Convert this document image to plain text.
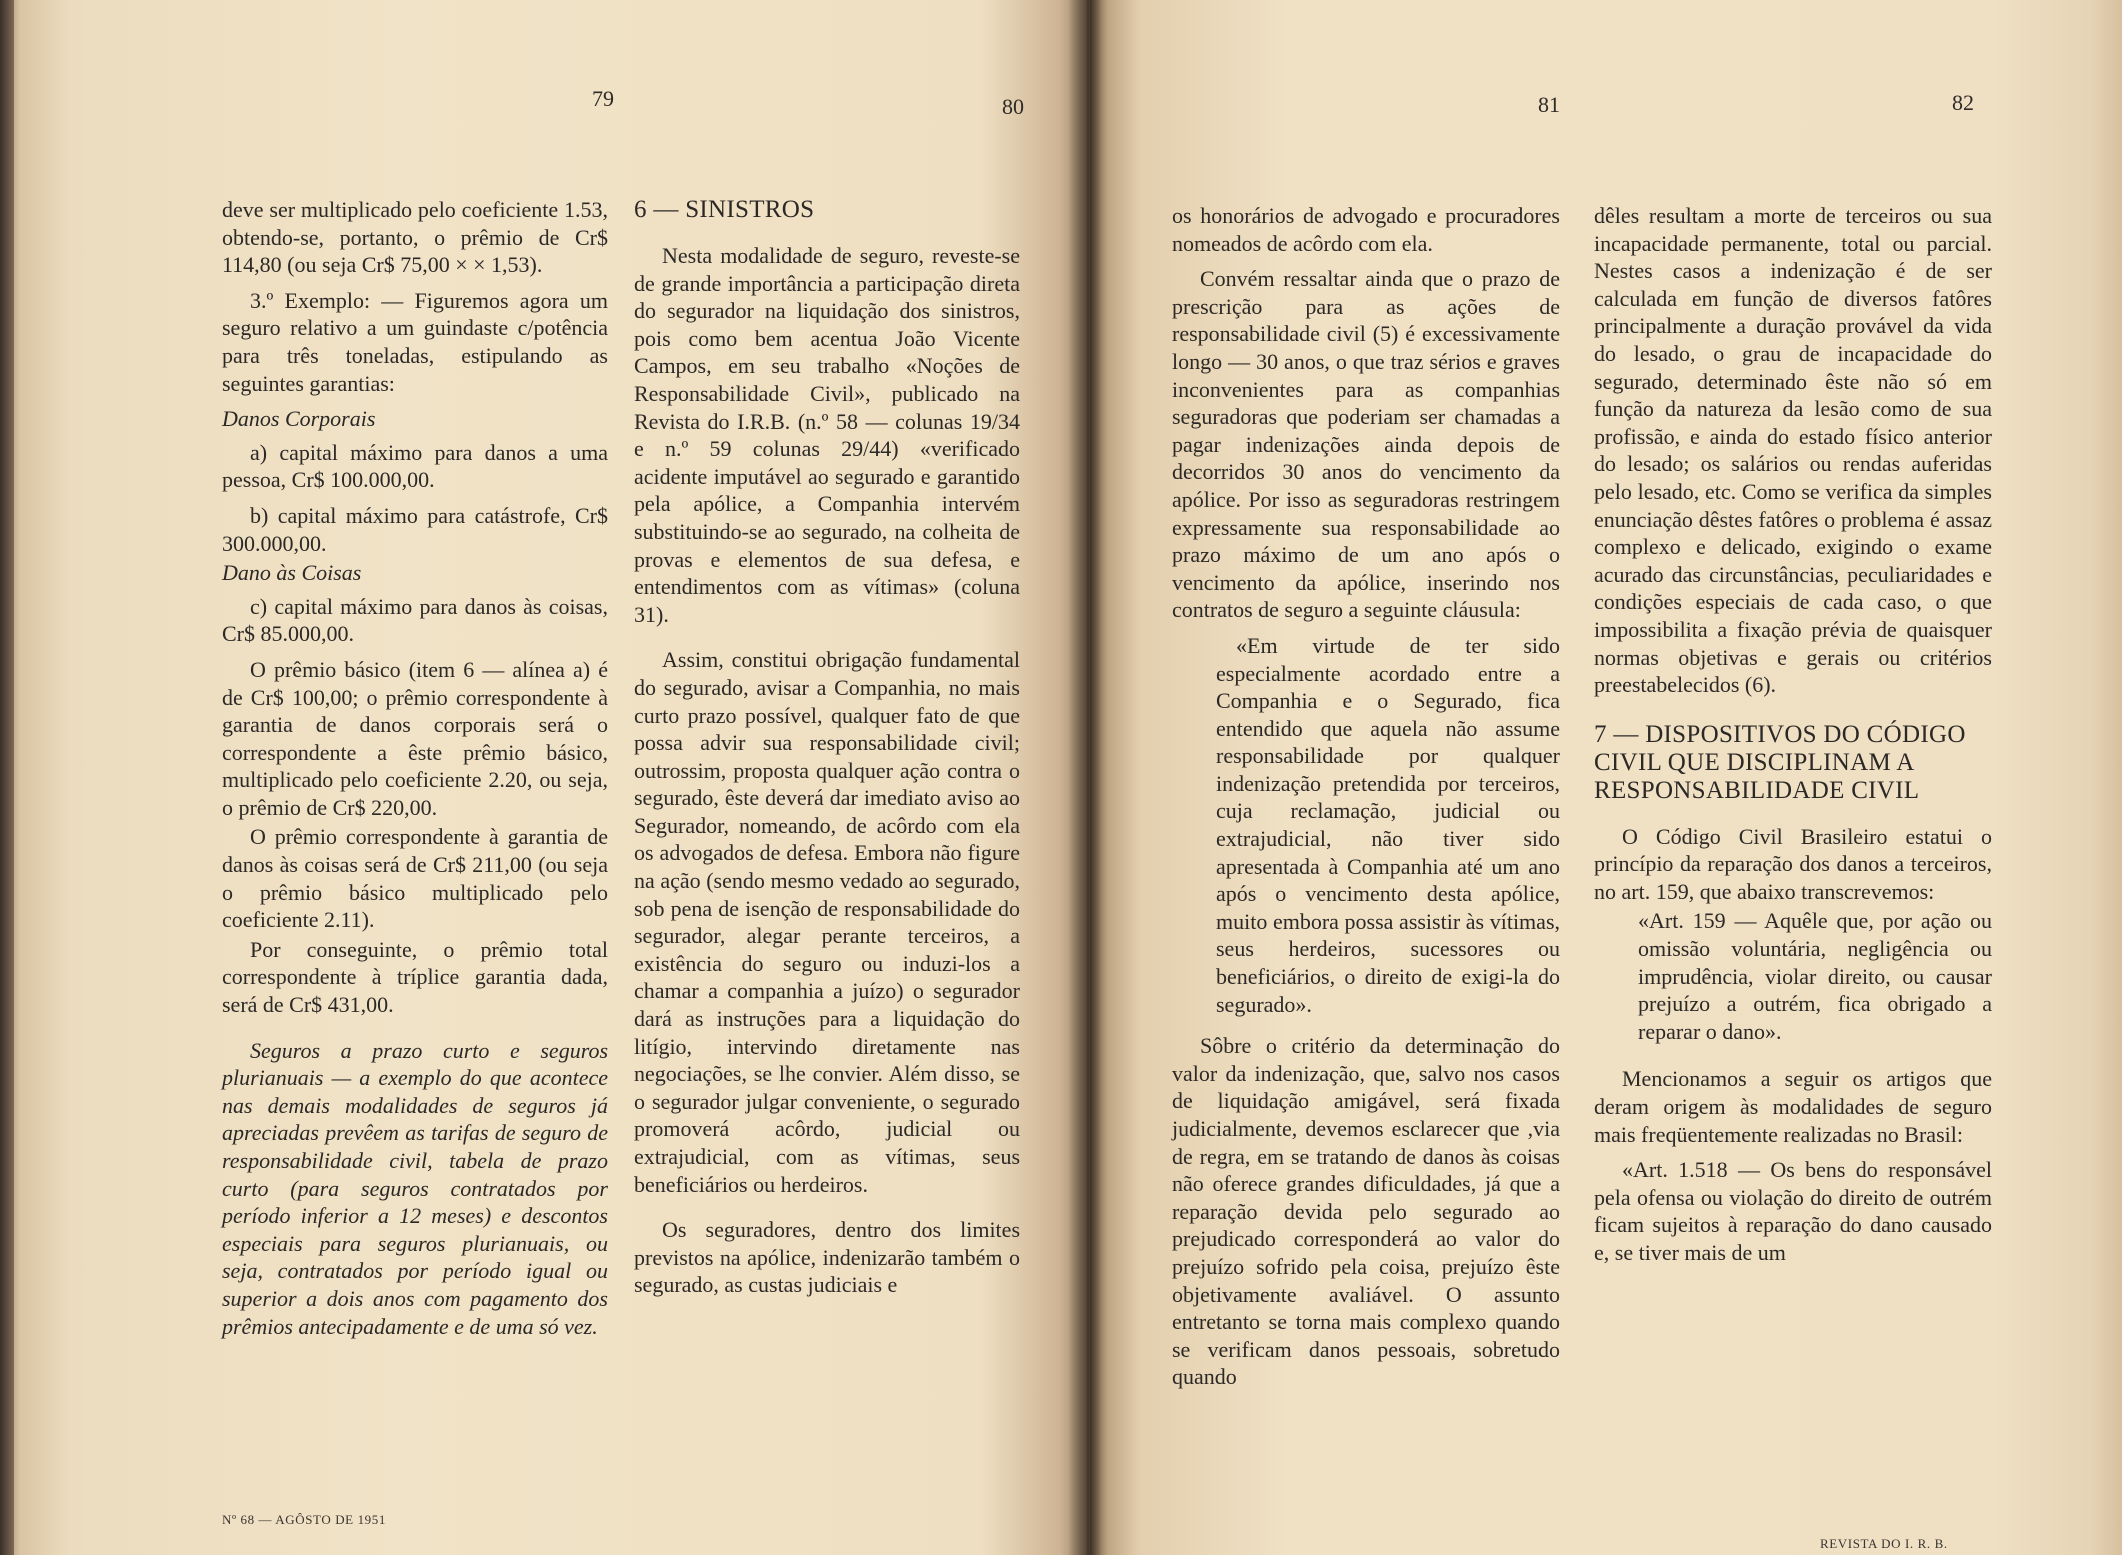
79	80

deve ser multiplicado pelo coeficiente 1.53, obtendo-se, portanto, o prêmio de Cr$ 114,80 (ou seja Cr$ 75,00 × × 1,53).

3.º Exemplo: — Figuremos agora um seguro relativo a um guindaste c/potência para três toneladas, estipulando as seguintes garantias:

Danos Corporais

a) capital máximo para danos a uma pessoa, Cr$ 100.000,00.

b) capital máximo para catástrofe, Cr$ 300.000,00.

Dano às Coisas

c) capital máximo para danos às coisas, Cr$ 85.000,00.

O prêmio básico (item 6 — alínea a) é de Cr$ 100,00; o prêmio correspondente à garantia de danos corporais será o correspondente a êste prêmio básico, multiplicado pelo coeficiente 2.20, ou seja, o prêmio de Cr$ 220,00.

O prêmio correspondente à garantia de danos às coisas será de Cr$ 211,00 (ou seja o prêmio básico multiplicado pelo coeficiente 2.11).

Por conseguinte, o prêmio total correspondente à tríplice garantia dada, será de Cr$ 431,00.

Seguros a prazo curto e seguros plurianuais — a exemplo do que acontece nas demais modalidades de seguros já apreciadas prevêem as tarifas de seguro de responsabilidade civil, tabela de prazo curto (para seguros contratados por período inferior a 12 meses) e descontos especiais para seguros plurianuais, ou seja, contratados por período igual ou superior a dois anos com pagamento dos prêmios antecipadamente e de uma só vez.

6 — SINISTROS

Nesta modalidade de seguro, reveste-se de grande importância a participação direta do segurador na liquidação dos sinistros, pois como bem acentua João Vicente Campos, em seu trabalho «Noções de Responsabilidade Civil», publicado na Revista do I.R.B. (n.º 58 — colunas 19/34 e n.º 59 colunas 29/44) «verificado acidente imputável ao segurado e garantido pela apólice, a Companhia intervém substituindo-se ao segurado, na colheita de provas e elementos de sua defesa, e entendimentos com as vítimas» (coluna 31).

Assim, constitui obrigação fundamental do segurado, avisar a Companhia, no mais curto prazo possível, qualquer fato de que possa advir sua responsabilidade civil; outrossim, proposta qualquer ação contra o segurado, êste deverá dar imediato aviso ao Segurador, nomeando, de acôrdo com ela os advogados de defesa. Embora não figure na ação (sendo mesmo vedado ao segurado, sob pena de isenção de responsabilidade do segurador, alegar perante terceiros, a existência do seguro ou induzi-los a chamar a companhia a juízo) o segurador dará as instruções para a liquidação do litígio, intervindo diretamente nas negociações, se lhe convier. Além disso, se o segurador julgar conveniente, o segurado promoverá acôrdo, judicial ou extrajudicial, com as vítimas, seus beneficiários ou herdeiros.

Os seguradores, dentro dos limites previstos na apólice, indenizarão também o segurado, as custas judiciais e

Nº 68 — AGÔSTO DE 1951
81	82

os honorários de advogado e procuradores nomeados de acôrdo com ela.

Convém ressaltar ainda que o prazo de prescrição para as ações de responsabilidade civil (5) é excessivamente longo — 30 anos, o que traz sérios e graves inconvenientes para as companhias seguradoras que poderiam ser chamadas a pagar indenizações ainda depois de decorridos 30 anos do vencimento da apólice. Por isso as seguradoras restringem expressamente sua responsabilidade ao prazo máximo de um ano após o vencimento da apólice, inserindo nos contratos de seguro a seguinte cláusula:

«Em virtude de ter sido especialmente acordado entre a Companhia e o Segurado, fica entendido que aquela não assume responsabilidade por qualquer indenização pretendida por terceiros, cuja reclamação, judicial ou extrajudicial, não tiver sido apresentada à Companhia até um ano após o vencimento desta apólice, muito embora possa assistir às vítimas, seus herdeiros, sucessores ou beneficiários, o direito de exigi-la do segurado».

Sôbre o critério da determinação do valor da indenização, que, salvo nos casos de liquidação amigável, será fixada judicialmente, devemos esclarecer que ,via de regra, em se tratando de danos às coisas não oferece grandes dificuldades, já que a reparação devida pelo segurado ao prejudicado corresponderá ao valor do prejuízo sofrido pela coisa, prejuízo êste objetivamente avaliável. O assunto entretanto se torna mais complexo quando se verificam danos pessoais, sobretudo quando

dêles resultam a morte de terceiros ou sua incapacidade permanente, total ou parcial. Nestes casos a indenização é de ser calculada em função de diversos fatôres principalmente a duração provável da vida do lesado, o grau de incapacidade do segurado, determinado êste não só em função da natureza da lesão como de sua profissão, e ainda do estado físico anterior do lesado; os salários ou rendas auferidas pelo lesado, etc. Como se verifica da simples enunciação dêstes fatôres o problema é assaz complexo e delicado, exigindo o exame acurado das circunstâncias, peculiaridades e condições especiais de cada caso, o que impossibilita a fixação prévia de quaisquer normas objetivas e gerais ou critérios preestabelecidos (6).

7 — DISPOSITIVOS DO CÓDIGO CIVIL QUE DISCIPLINAM A RESPONSABILIDADE CIVIL

O Código Civil Brasileiro estatui o princípio da reparação dos danos a terceiros, no art. 159, que abaixo transcrevemos:

«Art. 159 — Aquêle que, por ação ou omissão voluntária, negligência ou imprudência, violar direito, ou causar prejuízo a outrém, fica obrigado a reparar o dano».

Mencionamos a seguir os artigos que deram origem às modalidades de seguro mais freqüentemente realizadas no Brasil:

«Art. 1.518 — Os bens do responsável pela ofensa ou violação do direito de outrém ficam sujeitos à reparação do dano causado e, se tiver mais de um

REVISTA DO I. R. B.
